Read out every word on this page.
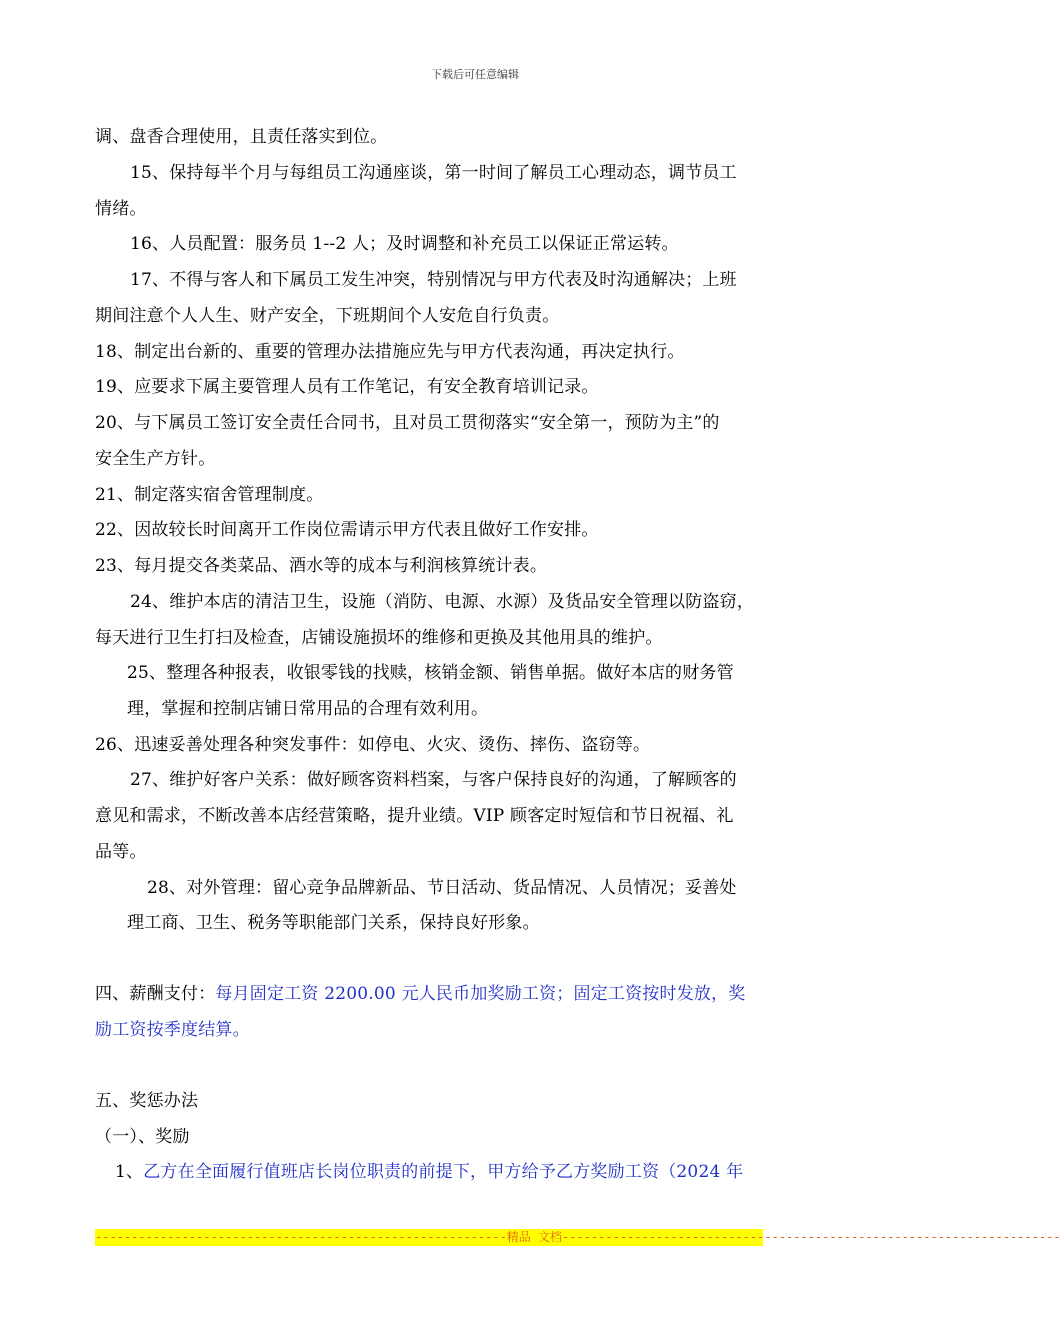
下载后可任意编辑
调、盘香合理使用，且责任落实到位。
15、保持每半个月与每组员工沟通座谈，第一时间了解员工心理动态，调节员工
情绪。
16、人员配置：服务员 1--2 人；及时调整和补充员工以保证正常运转。
17、不得与客人和下属员工发生冲突，特别情况与甲方代表及时沟通解决；上班
期间注意个人人生、财产安全，下班期间个人安危自行负责。
18、制定出台新的、重要的管理办法措施应先与甲方代表沟通，再决定执行。
19、应要求下属主要管理人员有工作笔记，有安全教育培训记录。
20、与下属员工签订安全责任合同书，且对员工贯彻落实“安全第一，预防为主”的
安全生产方针。
21、制定落实宿舍管理制度。
22、因故较长时间离开工作岗位需请示甲方代表且做好工作安排。
23、每月提交各类菜品、酒水等的成本与利润核算统计表。
24、维护本店的清洁卫生，设施（消防、电源、水源）及货品安全管理以防盗窃，
每天进行卫生打扫及检查，店铺设施损坏的维修和更换及其他用具的维护。
25、整理各种报表，收银零钱的找赎，核销金额、销售单据。做好本店的财务管
理，掌握和控制店铺日常用品的合理有效利用。
26、迅速妥善处理各种突发事件：如停电、火灾、烫伤、摔伤、盗窃等。
27、维护好客户关系：做好顾客资料档案，与客户保持良好的沟通，了解顾客的
意见和需求，不断改善本店经营策略，提升业绩。VIP 顾客定时短信和节日祝福、礼
品等。
28、对外管理：留心竞争品牌新品、节日活动、货品情况、人员情况；妥善处
理工商、卫生、税务等职能部门关系，保持良好形象。
四、薪酬支付：每月固定工资 2200.00 元人民币加奖励工资；固定工资按时发放，奖
励工资按季度结算。
五、奖惩办法
（一）、奖励
1、乙方在全面履行值班店长岗位职责的前提下，甲方给予乙方奖励工资（2024 年
---------------------------------------------------------精品 文档---------------------------------------------------------------------
